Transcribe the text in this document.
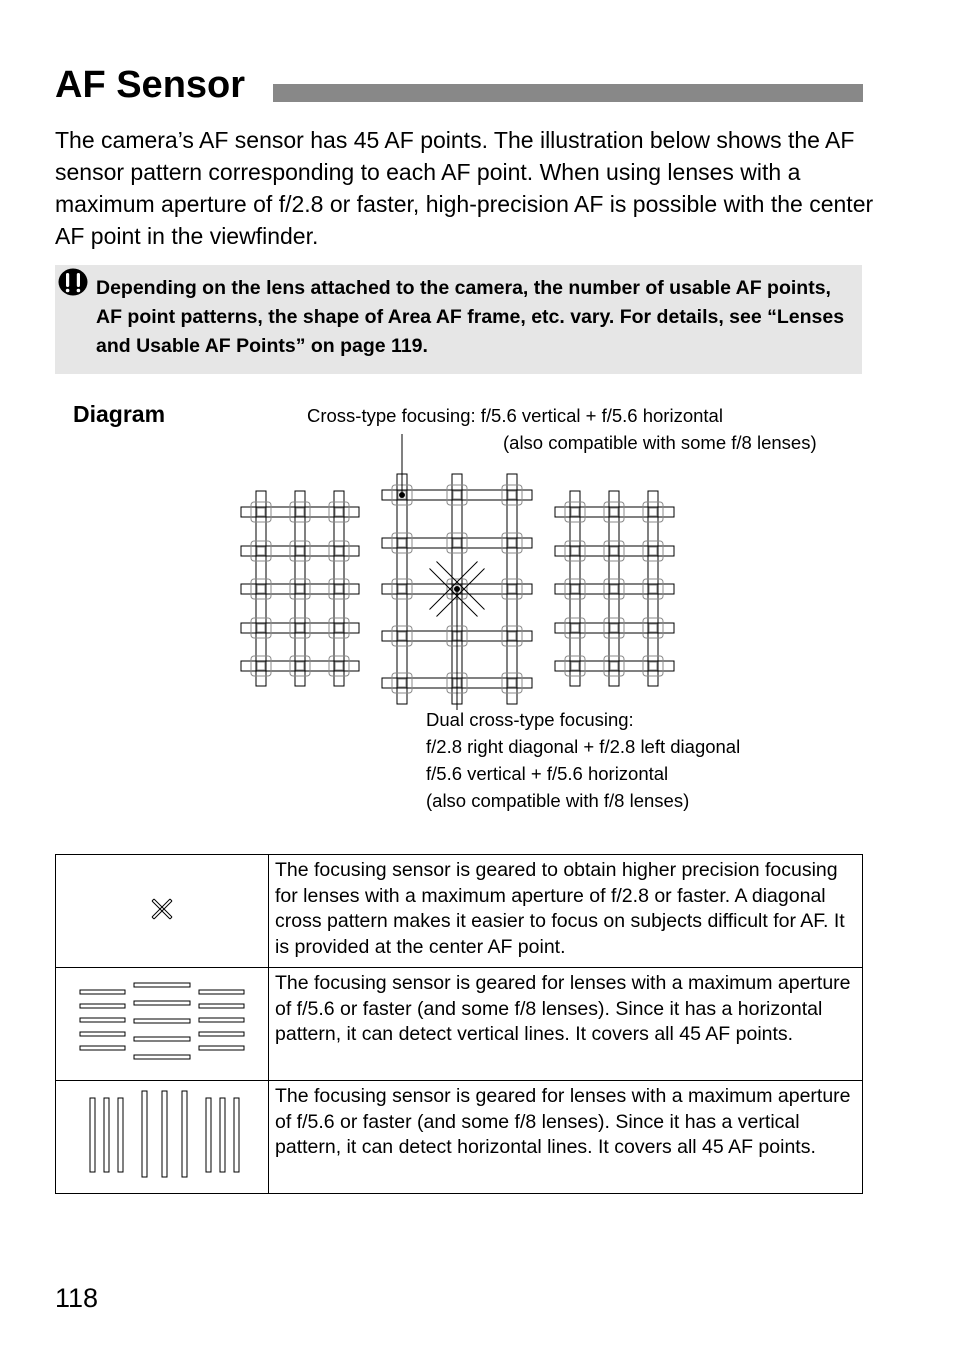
AF Sensor
The camera’s AF sensor has 45 AF points. The illustration below shows the AF sensor pattern corresponding to each AF point. When using lenses with a maximum aperture of f/2.8 or faster, high-precision AF is possible with the center AF point in the viewfinder.
Depending on the lens attached to the camera, the number of usable AF points, AF point patterns, the shape of Area AF frame, etc. vary. For details, see “Lenses and Usable AF Points” on page 119.
Diagram	Cross-type focusing: f/5.6 vertical + f/5.6 horizontal
(also compatible with some f/8 lenses)
Dual cross-type focusing:
f/2.8 right diagonal + f/2.8 left diagonal
f/5.6 vertical + f/5.6 horizontal
(also compatible with f/8 lenses)
	The focusing sensor is geared to obtain higher precision focusing for lenses with a maximum aperture of f/2.8 or faster. A diagonal cross pattern makes it easier to focus on subjects difficult for AF. It is provided at the center AF point.
	The focusing sensor is geared for lenses with a maximum aperture of f/5.6 or faster (and some f/8 lenses). Since it has a horizontal pattern, it can detect vertical lines. It covers all 45 AF points.
	The focusing sensor is geared for lenses with a maximum aperture of f/5.6 or faster (and some f/8 lenses). Since it has a vertical pattern, it can detect horizontal lines. It covers all 45 AF points.
118
